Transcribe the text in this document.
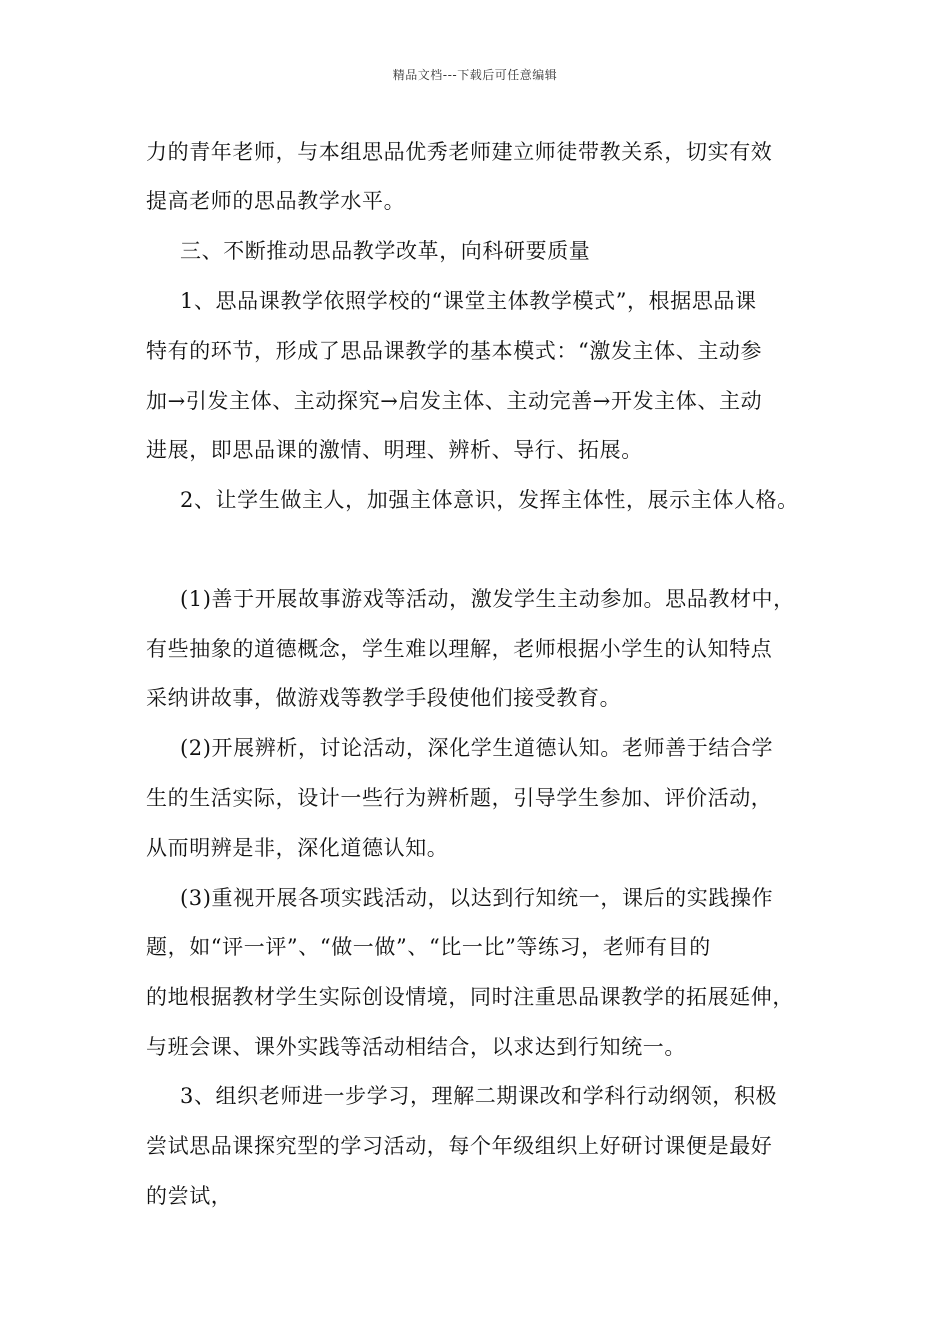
精品文档---下载后可任意编辑
力的青年老师，与本组思品优秀老师建立师徒带教关系，切实有效
提高老师的思品教学水平。
三、不断推动思品教学改革，向科研要质量
1、思品课教学依照学校的“课堂主体教学模式”，根据思品课
特有的环节，形成了思品课教学的基本模式：“激发主体、主动参
加→引发主体、主动探究→启发主体、主动完善→开发主体、主动
进展，即思品课的激情、明理、辨析、导行、拓展。
2、让学生做主人，加强主体意识，发挥主体性，展示主体人格。
(1)善于开展故事游戏等活动，激发学生主动参加。思品教材中，
有些抽象的道德概念，学生难以理解，老师根据小学生的认知特点
采纳讲故事，做游戏等教学手段使他们接受教育。
(2)开展辨析，讨论活动，深化学生道德认知。老师善于结合学
生的生活实际，设计一些行为辨析题，引导学生参加、评价活动，
从而明辨是非，深化道德认知。
(3)重视开展各项实践活动，以达到行知统一，课后的实践操作
题，如“评一评”、“做一做”、“比一比”等练习，老师有目的
的地根据教材学生实际创设情境，同时注重思品课教学的拓展延伸，
与班会课、课外实践等活动相结合，以求达到行知统一。
3、组织老师进一步学习，理解二期课改和学科行动纲领，积极
尝试思品课探究型的学习活动，每个年级组织上好研讨课便是最好
的尝试，
